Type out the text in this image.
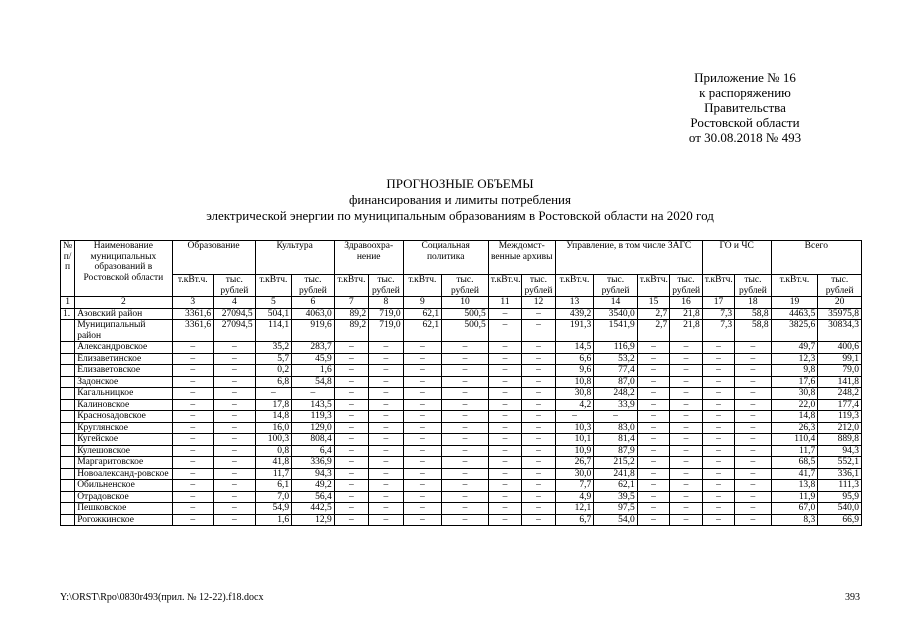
Приложение № 16
к распоряжению
Правительства
Ростовской области
от 30.08.2018 № 493
ПРОГНОЗНЫЕ ОБЪЕМЫ
финансирования и лимиты потребления
электрической энергии по муниципальным образованиям в Ростовской области на 2020 год
№ п/п	Наименование муниципальных образований в Ростовской области	Образование		Культура		Здравоохра-нение		Социальная политика		Междомст-венные архивы		Управление, в том числе ЗАГС				ГО и ЧС		Всего	
		т.кВт.ч.	тыс. рублей	т.кВтч.	тыс. рублей	т.кВтч.	тыс. рублей	т.кВтч.	тыс. рублей	т.кВт.ч.	тыс. рублей	т.кВт.ч.	тыс. рублей	т.кВтч.	тыс. рублей	т.кВтч.	тыс. рублей	т.кВт.ч.	тыс. рублей
1	2	3	4	5	6	7	8	9	10	11	12	13	14	15	16	17	18	19	20
1.	Азовский район	3361,6	27094,5	504,1	4063,0	89,2	719,0	62,1	500,5	–	–	439,2	3540,0	2,7	21,8	7,3	58,8	4463,5	35975,8
	Муниципальный район	3361,6	27094,5	114,1	919,6	89,2	719,0	62,1	500,5	–	–	191,3	1541,9	2,7	21,8	7,3	58,8	3825,6	30834,3
	Александровское	–	–	35,2	283,7	–	–	–	–	–	–	14,5	116,9	–	–	–	–	49,7	400,6
	Елизаветинское	–	–	5,7	45,9	–	–	–	–	–	–	6,6	53,2	–	–	–	–	12,3	99,1
	Елизаветовское	–	–	0,2	1,6	–	–	–	–	–	–	9,6	77,4	–	–	–	–	9,8	79,0
	Задонское	–	–	6,8	54,8	–	–	–	–	–	–	10,8	87,0	–	–	–	–	17,6	141,8
	Кагальницкое	–	–	–	–	–	–	–	–	–	–	30,8	248,2	–	–	–	–	30,8	248,2
	Калиновское	–	–	17,8	143,5	–	–	–	–	–	–	4,2	33,9	–	–	–	–	22,0	177,4
	Краснosадовское	–	–	14,8	119,3	–	–	–	–	–	–	–	–	–	–	–	–	14,8	119,3
	Круглянское	–	–	16,0	129,0	–	–	–	–	–	–	10,3	83,0	–	–	–	–	26,3	212,0
	Кугейское	–	–	100,3	808,4	–	–	–	–	–	–	10,1	81,4	–	–	–	–	110,4	889,8
	Кулешовское	–	–	0,8	6,4	–	–	–	–	–	–	10,9	87,9	–	–	–	–	11,7	94,3
	Маргаритовское	–	–	41,8	336,9	–	–	–	–	–	–	26,7	215,2	–	–	–	–	68,5	552,1
	Новоалександ-ровское	–	–	11,7	94,3	–	–	–	–	–	–	30,0	241,8	–	–	–	–	41,7	336,1
	Обильненское	–	–	6,1	49,2	–	–	–	–	–	–	7,7	62,1	–	–	–	–	13,8	111,3
	Отрадовское	–	–	7,0	56,4	–	–	–	–	–	–	4,9	39,5	–	–	–	–	11,9	95,9
	Пешковское	–	–	54,9	442,5	–	–	–	–	–	–	12,1	97,5	–	–	–	–	67,0	540,0
	Рогожкинское	–	–	1,6	12,9	–	–	–	–	–	–	6,7	54,0	–	–	–	–	8,3	66,9
Y:\ORST\Rpo\0830r493(прил. № 12-22).f18.docx	393
